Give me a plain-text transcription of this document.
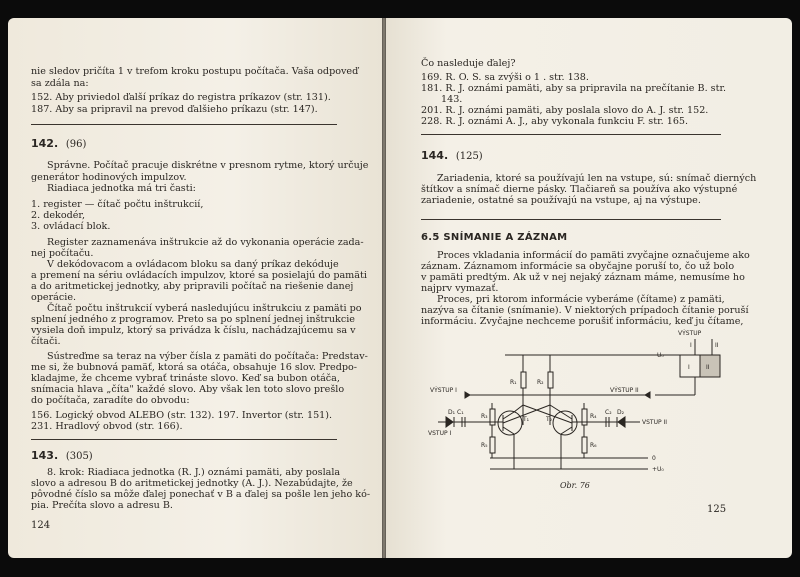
nie sledov pričíta 1 v trefom kroku postupu počítača. Vaša odpoveď
sa zdála na:
152. Aby priviedol ďalší príkaz do registra príkazov (str. 131).
187. Aby sa pripravil na prevod ďalšieho príkazu (str. 147).
142. (96)
Správne. Počítač pracuje diskrétne v presnom rytme, ktorý určuje
generátor hodinových impulzov.
Riadiaca jednotka má tri časti:
1. register — čítač počtu inštrukcií,
2. dekodér,
3. ovládací blok.
Register zaznamenáva inštrukcie až do vykonania operácie zada-
nej počítaču.
V dekódovacom a ovládacom bloku sa daný príkaz dekóduje
a premení na sériu ovládacích impulzov, ktoré sa posielajú do pamäti
a do aritmetickej jednotky, aby pripravili počítač na riešenie danej
operácie.
Čítač počtu inštrukcií vyberá nasledujúcu inštrukciu z pamäti po
splnení jedného z programov. Preto sa po splnení jednej inštrukcie
vysiela doň impulz, ktorý sa privádza k číslu, nachádzajúcemu sa v
čítači.
Sústreďme sa teraz na výber čísla z pamäti do počítača: Predstav-
me si, že bubnová pamäť, ktorá sa otáča, obsahuje 16 slov. Predpo-
kladajme, že chceme vybrať trináste slovo. Keď sa bubon otáča,
snímacia hlava „číta" každé slovo. Aby však len toto slovo prešlo
do počítača, zaradíte do obvodu:
156. Logický obvod ALEBO (str. 132). 197. Invertor (str. 151).
231. Hradlový obvod (str. 166).
143. (305)
8. krok: Riadiaca jednotka (R. J.) oznámi pamäti, aby poslala
slovo a adresou B do aritmetickej jednotky (A. J.). Nezabúdajte, že
pôvodné číslo sa môže ďalej ponechať v B a ďalej sa pošle len jeho kó-
pia. Prečíta slovo a adresu B.
124
Čo nasleduje ďalej?
169. R. O. S. sa zvýši o 1 . str. 138.
181. R. J. oznámi pamäti, aby sa pripravila na prečítanie B. str.
143.
201. R. J. oznámi pamäti, aby poslala slovo do A. J. str. 152.
228. R. J. oznámi A. J., aby vykonala funkciu F. str. 165.
144. (125)
Zariadenia, ktoré sa používajú len na vstupe, sú: snímač dierných
štítkov a snímač dierne pásky. Tlačiareň sa používa ako výstupné
zariadenie, ostatné sa používajú na vstupe, aj na výstupe.
6.5 SNÍMANIE A ZÁZNAM
Proces vkladania informácií do pamäti zvyčajne označujeme ako
záznam. Záznamom informácie sa obyčajne poruší to, čo už bolo
v pamäti predtým. Ak už v nej nejaký záznam máme, nemusíme ho
najprv vymazať.
Proces, pri ktorom informácie vyberáme (čítame) z pamäti,
nazýva sa čítanie (snímanie). V niektorých prípadoch čítanie poruší
informáciu. Zvyčajne nechceme porušiť informáciu, keď ju čítame,
−U₀
+U₀
0
VÝSTUP I	VÝSTUP II
VSTUP I
VSTUP II
R₁	R₂
R₃	R₄
R₅	R₆
C₁	C₂
D₁	D₂
T₁	T₂
VÝSTUP
I	II
I	II
Obr. 76
125
